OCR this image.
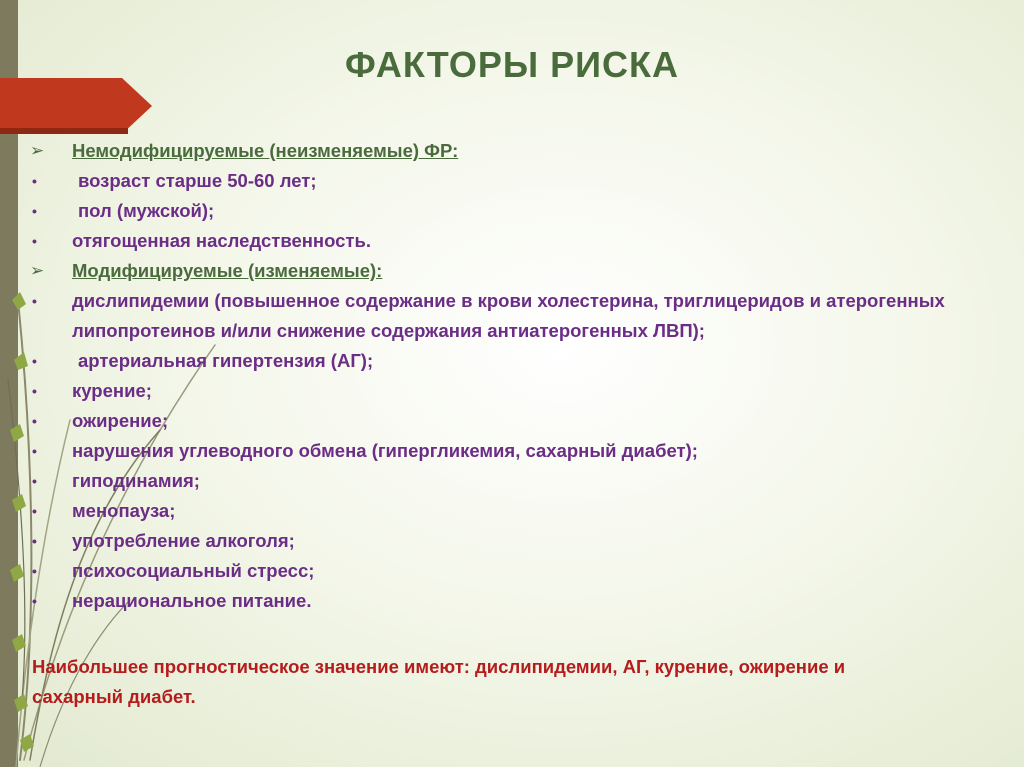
ФАКТОРЫ РИСКА
➢	Немодифицируемые (неизменяемые) ФР:
•	возраст старше 50-60 лет;
•	пол (мужской);
•	отягощенная наследственность.
➢	Модифицируемые (изменяемые):
•	дислипидемии (повышенное содержание в крови холестерина, триглицеридов и атерогенных липопротеинов и/или снижение содержания антиатерогенных ЛВП);
•	артериальная гипертензия (АГ);
•	курение;
•	ожирение;
•	нарушения углеводного обмена (гипергликемия, сахарный диабет);
•	гиподинамия;
•	менопауза;
•	употребление алкоголя;
•	психосоциальный стресс;
•	нерациональное питание.
Наибольшее прогностическое значение имеют: дислипидемии, АГ, курение, ожирение и сахарный диабет.
